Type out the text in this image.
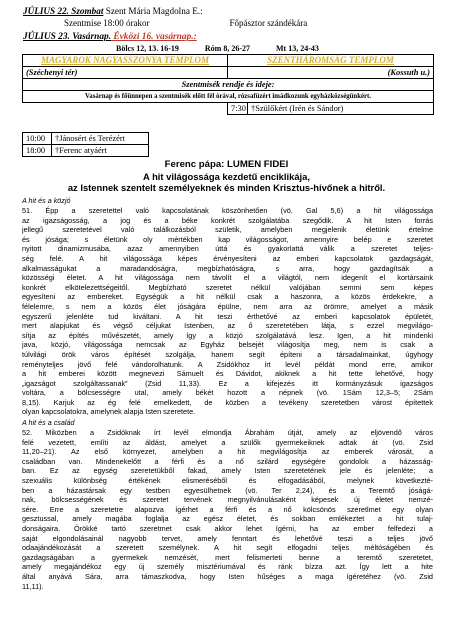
JÚLIUS 22. Szombat Szent Mária Magdolna E.:
Szentmise 18:00 órakor	Főpásztor szándékára
JÚLIUS 23. Vasárnap. Évközi 16. vasárnap.:
Bölcs 12, 13. 16-19	Róm 8, 26-27	Mt 13, 24-43
MAGYAROK NAGYASSZONYA TEMPLOM	SZENTHÁROMSÁG TEMPLOM	
(Széchenyi tér)	(Kossuth u.)	
Szentmisék rendje és ideje:		
Vasárnap és főünnepen a szentmisék előtt fél órával, rózsafüzért imádkozunk egyházközségünkért.		
	7:30	†Szülőkért (Irén és Sándor)
10:00	†Jánosért és Terézért
18:00	†Ferenc atyáért
Ferenc pápa: LUMEN FIDEI
A hit világossága kezdetű enciklikája,
az Istennek szentelt személyeknek és minden Krisztus-hívőnek a hitről.
A hit és a közjó
51. Épp a szeretettel való kapcsolatának köszönhetően (vö. Gal 5,6) a hit világossága
az igazságosság, a jog és a béke konkrét szolgálatába szegődik. A hit Isten forrás
jellegű szeretetével való találkozásból születik, amelyben megjelenik életünk értelme
és jósága; s életünk oly mértékben kap világosságot, amennyire belép e szeretet
nyitott dinamizmusába, azaz amennyiben úttá és gyakorlattá válik a szeretet teljes-
ség felé. A hit világossága képes érvényesíteni az emberi kapcsolatok gazdagságát,
alkalmasságukat a maradandóságra, megbízhatóságra, s arra, hogy gazdagítsák a
közösségi életet. A hit világossága nem távolít el a világtól, nem idegenít el kortársaink
konkrét elkötelezettségeitől. Megbízható szeretet nélkül valójában semmi sem képes
egyesíteni az embereket. Egységük a hit nélkül csak a haszonra, a közös érdekekre, a
félelemre, s nem a közös élet jóságára épülne, nem arra az örömre, amelyet a másik
egyszerű jelenléte tud kiváltani. A hit teszi érthetővé az emberi kapcsolatok épületét,
mert alapjukat és végső céljukat Istenben, az ő szeretetében látja, s ezzel megvilágo-
sítja az építés művészetét, amely így a közjó szolgálatává lesz. Igen, a hit mindenki
java, közjó, világossága nemcsak az Egyház belsejét világosítja meg, nem is csak a
túlvilági örök város építését szolgálja, hanem segít építeni a társadalmainkat, úgyhogy
reményteljes jövő felé vándorolhatunk. A Zsidókhoz írt levél példát mond erre, amikor
a hit emberei között megnevezi Sámuelt és Dávidot, akiknek a hit tette lehetővé, hogy
„igazságot szolgáltassanak” (Zsid 11,33). Ez a kifejezés itt kormányzásuk igazságos
voltára, a bölcsességre utal, amely békét hozott a népnek (vö. 1Sám 12,3–5; 2Sám
8,15). Karjuk az ég felé emelkedett, de közben a tevékeny szeretetben várost építettek
olyan kapcsolatokra, amelynek alapja Isten szeretete.
A hit és a család
52. Miközben a Zsidóknak írt levél elmondja Ábrahám útját, amely az eljövendő város
felé vezetett, említi az áldást, amelyet a szülők gyermekeiknek adtak át (vö. Zsid
11,20–21). Az első környezet, amelyben a hit megvilágosítja az emberek városát, a
családban van. Mindenekelőtt a férfi és a nő szilárd egységére gondolok a házasság-
ban. Ez az egység szeretetükből fakad, amely Isten szeretetének jele és jelenléte; a
szexuális különbség értékének elismeréséből és elfogadásából, melynek következté-
ben a házastársak egy testben egyesülhetnek (vö. Ter 2,24), és a Teremtő jóságá-
nak, bölcsességének és szeretet tervének megnyilvánulásaként képesek új életet nemzé-
sére. Erre a szeretetre alapozva ígérhet a férfi és a nő kölcsönös szeretlmet egy olyan
gesztussal, amely magába foglalja az egész életet, és sokban emlékeztet a hit tulaj-
donságaira. Örökké tartó szeretmet csak akkor lehet ígérni, ha az ember felfedezi a
saját elgondolásainál nagyobb tervet, amely fenntart és lehetővé teszi a teljes jövő
odaajándékozását a szeretett személynek. A hit segít elfogadni teljes méltóságében és
gazdagságában a gyermekek nemzését, mert felismerteti benne a teremtő szeretetet,
amely megajándékoz egy új személy misztériumával és ránk bízza azt. Így lett a hite
által anyává Sára, arra támaszkodva, hogy Isten hűséges a maga ígéretéhez (vö. Zsid
11,11).
